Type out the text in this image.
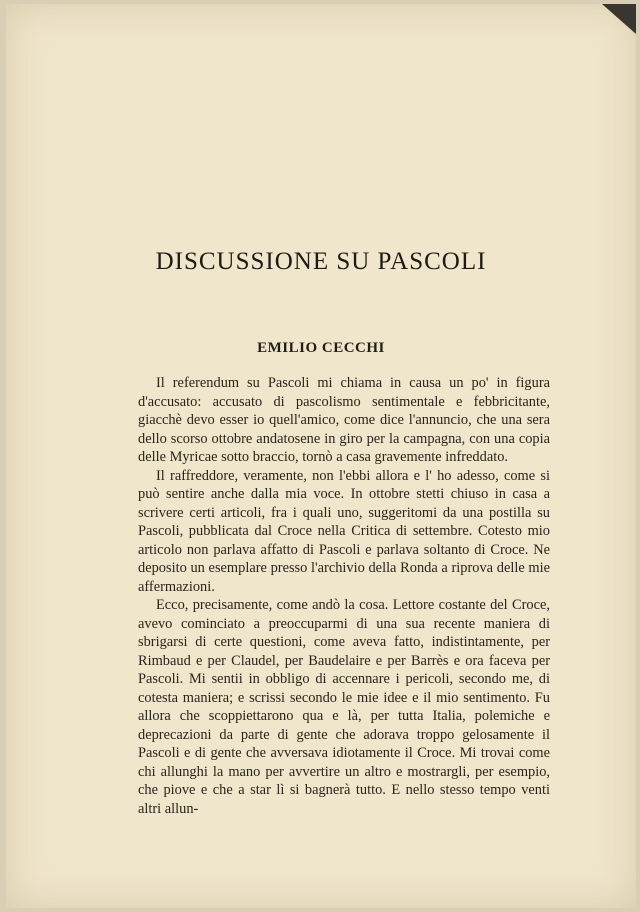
DISCUSSIONE SU PASCOLI
EMILIO CECCHI

Il referendum su Pascoli mi chiama in causa un po' in figura d'accusato: accusato di pascolismo sentimentale e febbricitante, giacchè devo esser io quell'amico, come dice l'annuncio, che una sera dello scorso ottobre andatosene in giro per la campagna, con una copia delle Myricae sotto braccio, tornò a casa gravemente infreddato.

Il raffreddore, veramente, non l'ebbi allora e l' ho adesso, come si può sentire anche dalla mia voce. In ottobre stetti chiuso in casa a scrivere certi articoli, fra i quali uno, suggeritomi da una postilla su Pascoli, pubblicata dal Croce nella Critica di settembre. Cotesto mio articolo non parlava affatto di Pascoli e parlava soltanto di Croce. Ne deposito un esemplare presso l'archivio della Ronda a riprova delle mie affermazioni.

Ecco, precisamente, come andò la cosa. Lettore costante del Croce, avevo cominciato a preoccuparmi di una sua recente maniera di sbrigarsi di certe questioni, come aveva fatto, indistintamente, per Rimbaud e per Claudel, per Baudelaire e per Barrès e ora faceva per Pascoli. Mi sentii in obbligo di accennare i pericoli, secondo me, di cotesta maniera; e scrissi secondo le mie idee e il mio sentimento. Fu allora che scoppiettarono qua e là, per tutta Italia, polemiche e deprecazioni da parte di gente che adorava troppo gelosamente il Pascoli e di gente che avversava idiotamente il Croce. Mi trovai come chi allunghi la mano per avvertire un altro e mostrargli, per esempio, che piove e che a star lì si bagnerà tutto. E nello stesso tempo venti altri allun-
